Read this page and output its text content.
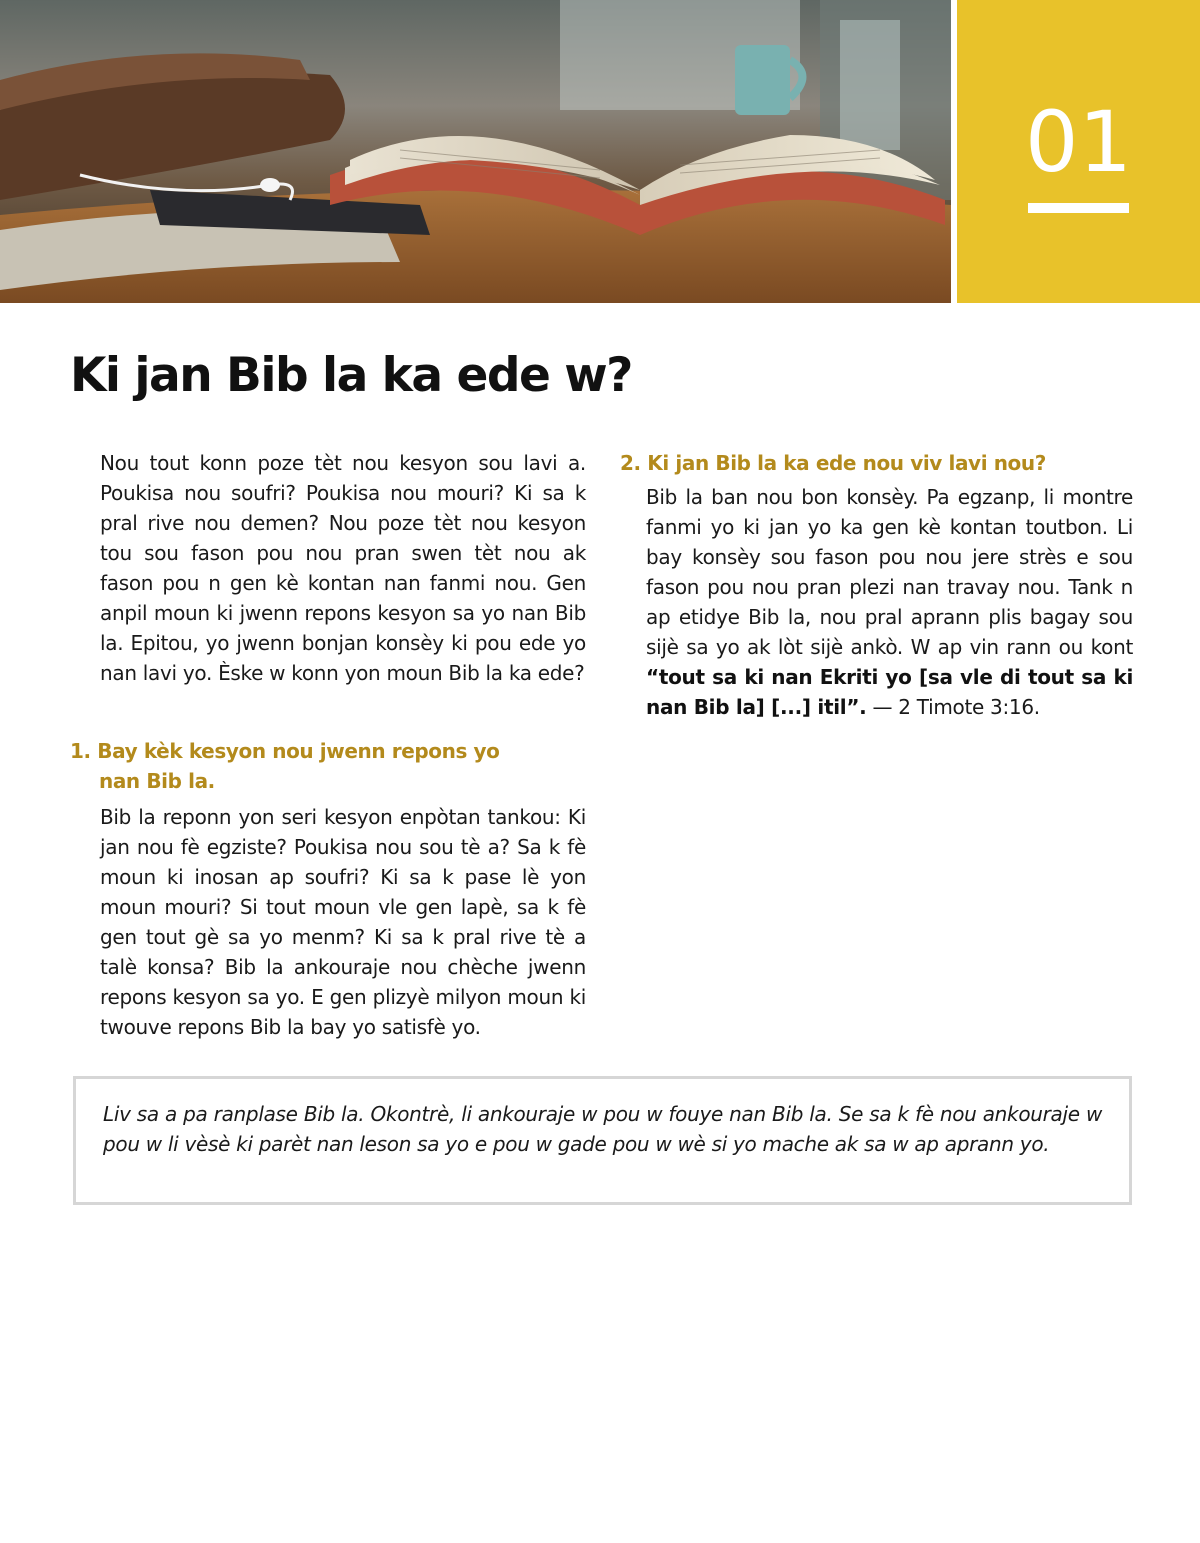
01
Ki jan Bib la ka ede w?

Nou tout konn poze tèt nou kesyon sou lavi a. Poukisa nou soufri? Poukisa nou mouri? Ki sa k pral rive nou demen? Nou poze tèt nou kesyon tou sou fason pou nou pran swen tèt nou ak fason pou n gen kè kontan nan fanmi nou. Gen anpil moun ki jwenn repons kesyon sa yo nan Bib la. Epitou, yo jwenn bonjan konsèy ki pou ede yo nan lavi yo. Èske w konn yon moun Bib la ka ede?

1. Bay kèk kesyon nou jwenn repons yo
nan Bib la.

Bib la reponn yon seri kesyon enpòtan tankou: Ki jan nou fè egziste? Poukisa nou sou tè a? Sa k fè moun ki inosan ap soufri? Ki sa k pase lè yon moun mouri? Si tout moun vle gen lapè, sa k fè gen tout gè sa yo menm? Ki sa k pral rive tè a talè konsa? Bib la ankouraje nou chèche jwenn repons kesyon sa yo. E gen plizyè milyon moun ki twouve repons Bib la bay yo satisfè yo.

2. Ki jan Bib la ka ede nou viv lavi nou?

Bib la ban nou bon konsèy. Pa egzanp, li montre fanmi yo ki jan yo ka gen kè kontan toutbon. Li bay konsèy sou fason pou nou jere strès e sou fason pou nou pran plezi nan travay nou. Tank n ap etidye Bib la, nou pral aprann plis bagay sou sijè sa yo ak lòt sijè ankò. W ap vin rann ou kont “tout sa ki nan Ekriti yo [sa vle di tout sa ki nan Bib la] [...] itil”. — 2 Timote 3:16.

Liv sa a pa ranplase Bib la. Okontrè, li ankouraje w pou w fouye nan Bib la. Se sa k fè nou ankouraje w pou w li vèsè ki parèt nan leson sa yo e pou w gade pou w wè si yo mache ak sa w ap aprann yo.
